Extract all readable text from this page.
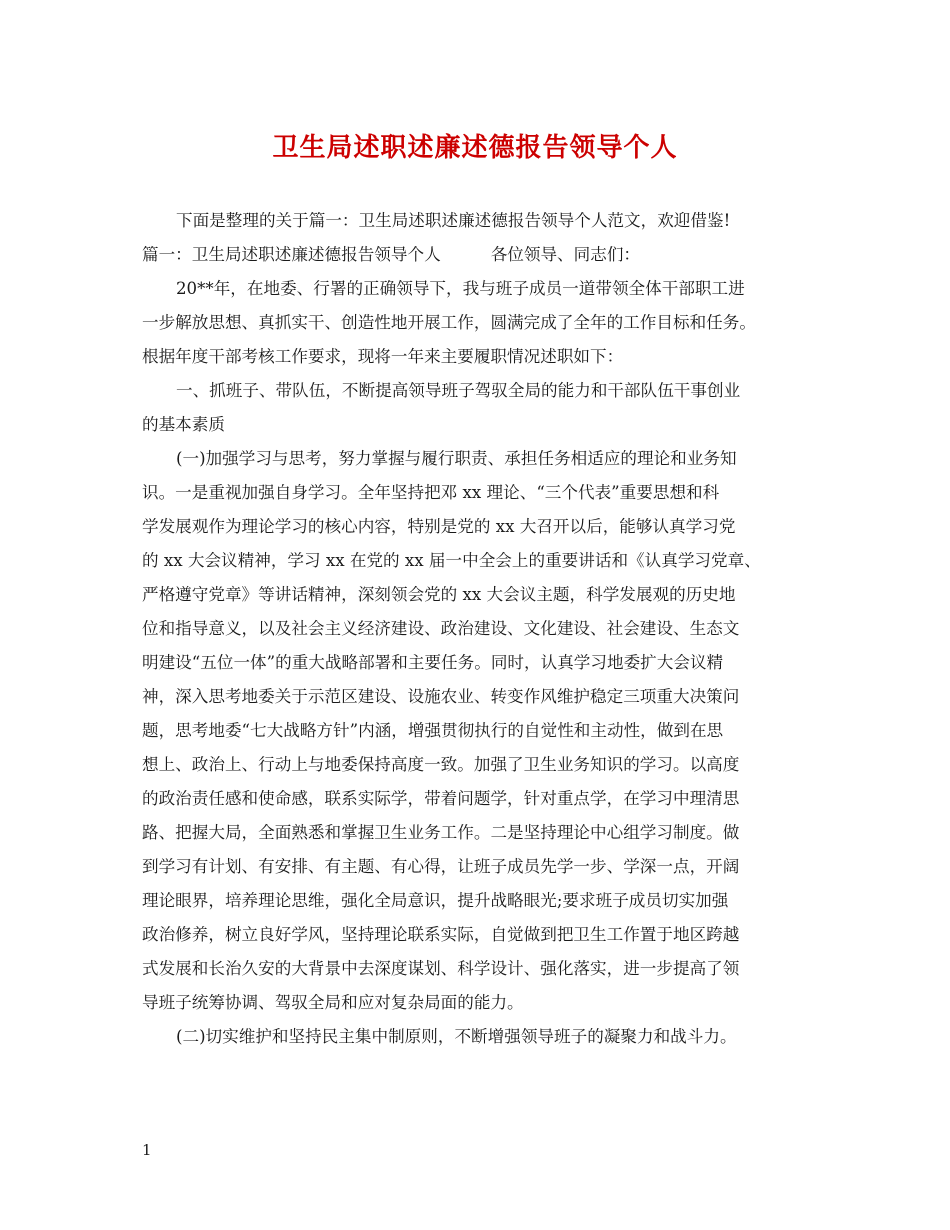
卫生局述职述廉述德报告领导个人

下面是整理的关于篇一：卫生局述职述廉述德报告领导个人范文，欢迎借鉴!

篇一：卫生局述职述廉述德报告领导个人	各位领导、同志们：

20**年，在地委、行署的正确领导下，我与班子成员一道带领全体干部职工进

一步解放思想、真抓实干、创造性地开展工作，圆满完成了全年的工作目标和任务。

根据年度干部考核工作要求，现将一年来主要履职情况述职如下：

一、抓班子、带队伍，不断提高领导班子驾驭全局的能力和干部队伍干事创业

的基本素质

(一)加强学习与思考，努力掌握与履行职责、承担任务相适应的理论和业务知

识。一是重视加强自身学习。全年坚持把邓 xx 理论、“三个代表”重要思想和科

学发展观作为理论学习的核心内容，特别是党的 xx 大召开以后，能够认真学习党

的 xx 大会议精神，学习 xx 在党的 xx 届一中全会上的重要讲话和《认真学习党章、

严格遵守党章》等讲话精神，深刻领会党的 xx 大会议主题，科学发展观的历史地

位和指导意义，以及社会主义经济建设、政治建设、文化建设、社会建设、生态文

明建设“五位一体”的重大战略部署和主要任务。同时，认真学习地委扩大会议精

神，深入思考地委关于示范区建设、设施农业、转变作风维护稳定三项重大决策问

题，思考地委“七大战略方针”内涵，增强贯彻执行的自觉性和主动性，做到在思

想上、政治上、行动上与地委保持高度一致。加强了卫生业务知识的学习。以高度

的政治责任感和使命感，联系实际学，带着问题学，针对重点学，在学习中理清思

路、把握大局，全面熟悉和掌握卫生业务工作。二是坚持理论中心组学习制度。做

到学习有计划、有安排、有主题、有心得，让班子成员先学一步、学深一点，开阔

理论眼界，培养理论思维，强化全局意识，提升战略眼光;要求班子成员切实加强

政治修养，树立良好学风，坚持理论联系实际，自觉做到把卫生工作置于地区跨越

式发展和长治久安的大背景中去深度谋划、科学设计、强化落实，进一步提高了领

导班子统筹协调、驾驭全局和应对复杂局面的能力。

(二)切实维护和坚持民主集中制原则，不断增强领导班子的凝聚力和战斗力。

1
